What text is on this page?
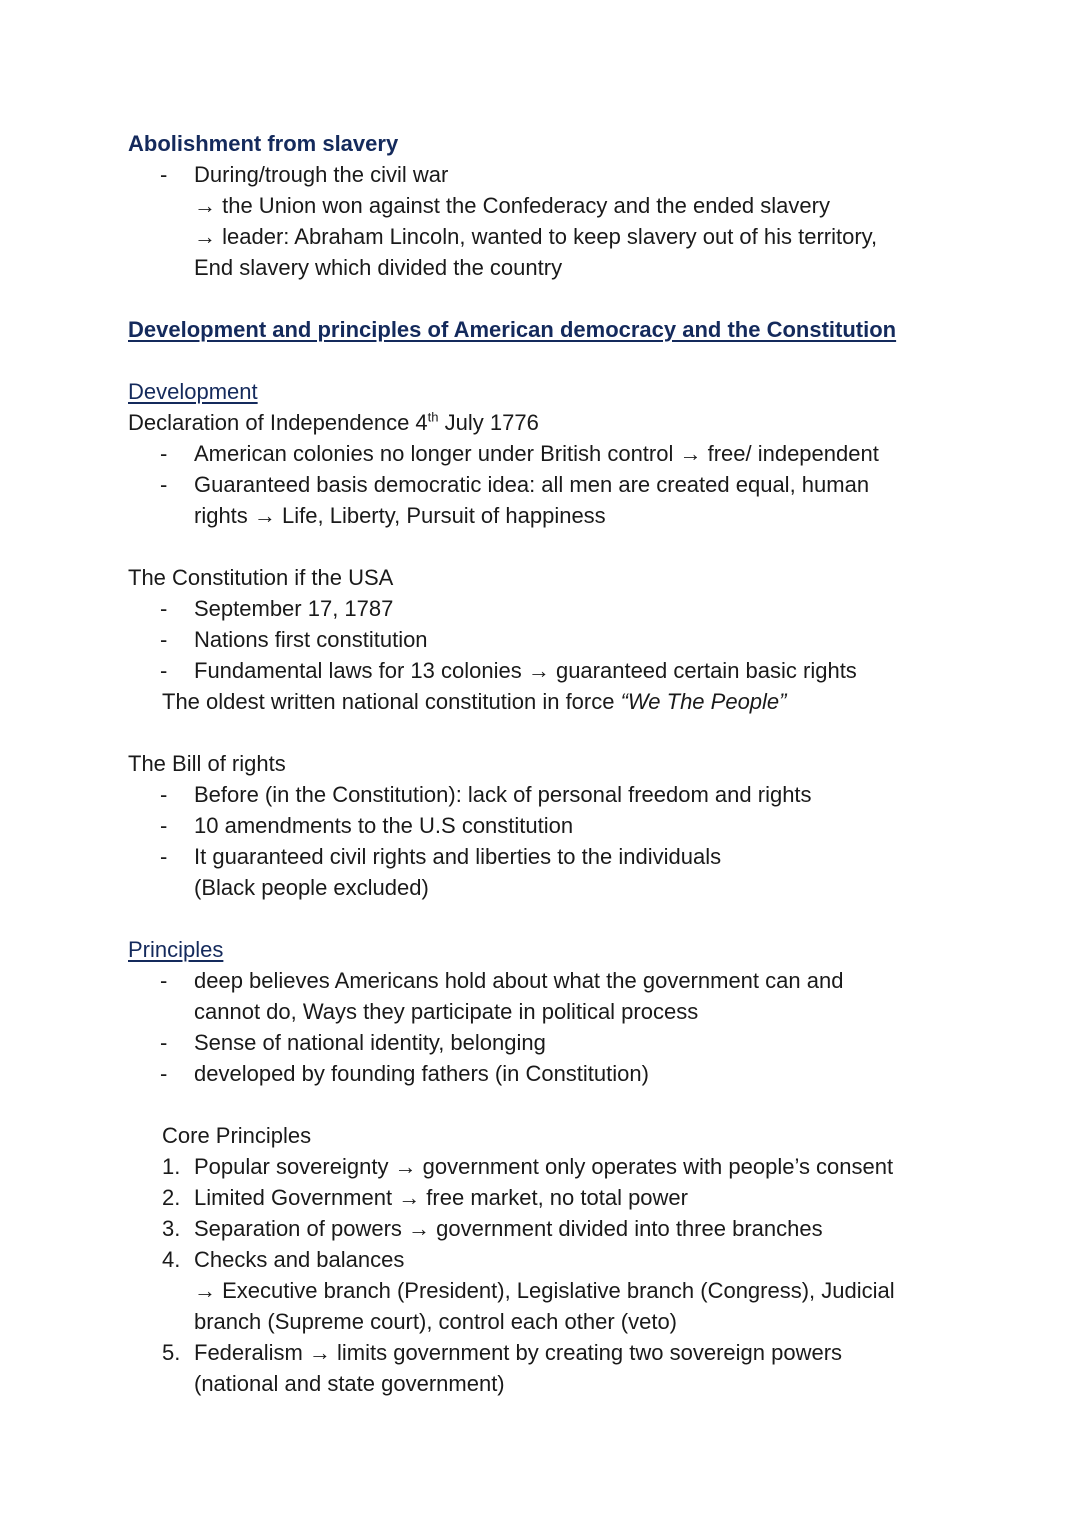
Abolishment from slavery
- During/trough the civil war
→ the Union won against the Confederacy and the ended slavery
→ leader: Abraham Lincoln, wanted to keep slavery out of his territory,
End slavery which divided the country
Development and principles of American democracy and the Constitution
Development
Declaration of Independence 4th July 1776
- American colonies no longer under British control → free/ independent
- Guaranteed basis democratic idea: all men are created equal, human
rights → Life, Liberty, Pursuit of happiness
The Constitution if the USA
- September 17, 1787
- Nations first constitution
- Fundamental laws for 13 colonies → guaranteed certain basic rights
The oldest written national constitution in force “We The People”
The Bill of rights
- Before (in the Constitution): lack of personal freedom and rights
- 10 amendments to the U.S constitution
- It guaranteed civil rights and liberties to the individuals
(Black people excluded)
Principles
- deep believes Americans hold about what the government can and
cannot do, Ways they participate in political process
- Sense of national identity, belonging
- developed by founding fathers (in Constitution)
Core Principles
1. Popular sovereignty → government only operates with people’s consent
2. Limited Government → free market, no total power
3. Separation of powers → government divided into three branches
4. Checks and balances
→ Executive branch (President), Legislative branch (Congress), Judicial
branch (Supreme court), control each other (veto)
5. Federalism → limits government by creating two sovereign powers
(national and state government)
